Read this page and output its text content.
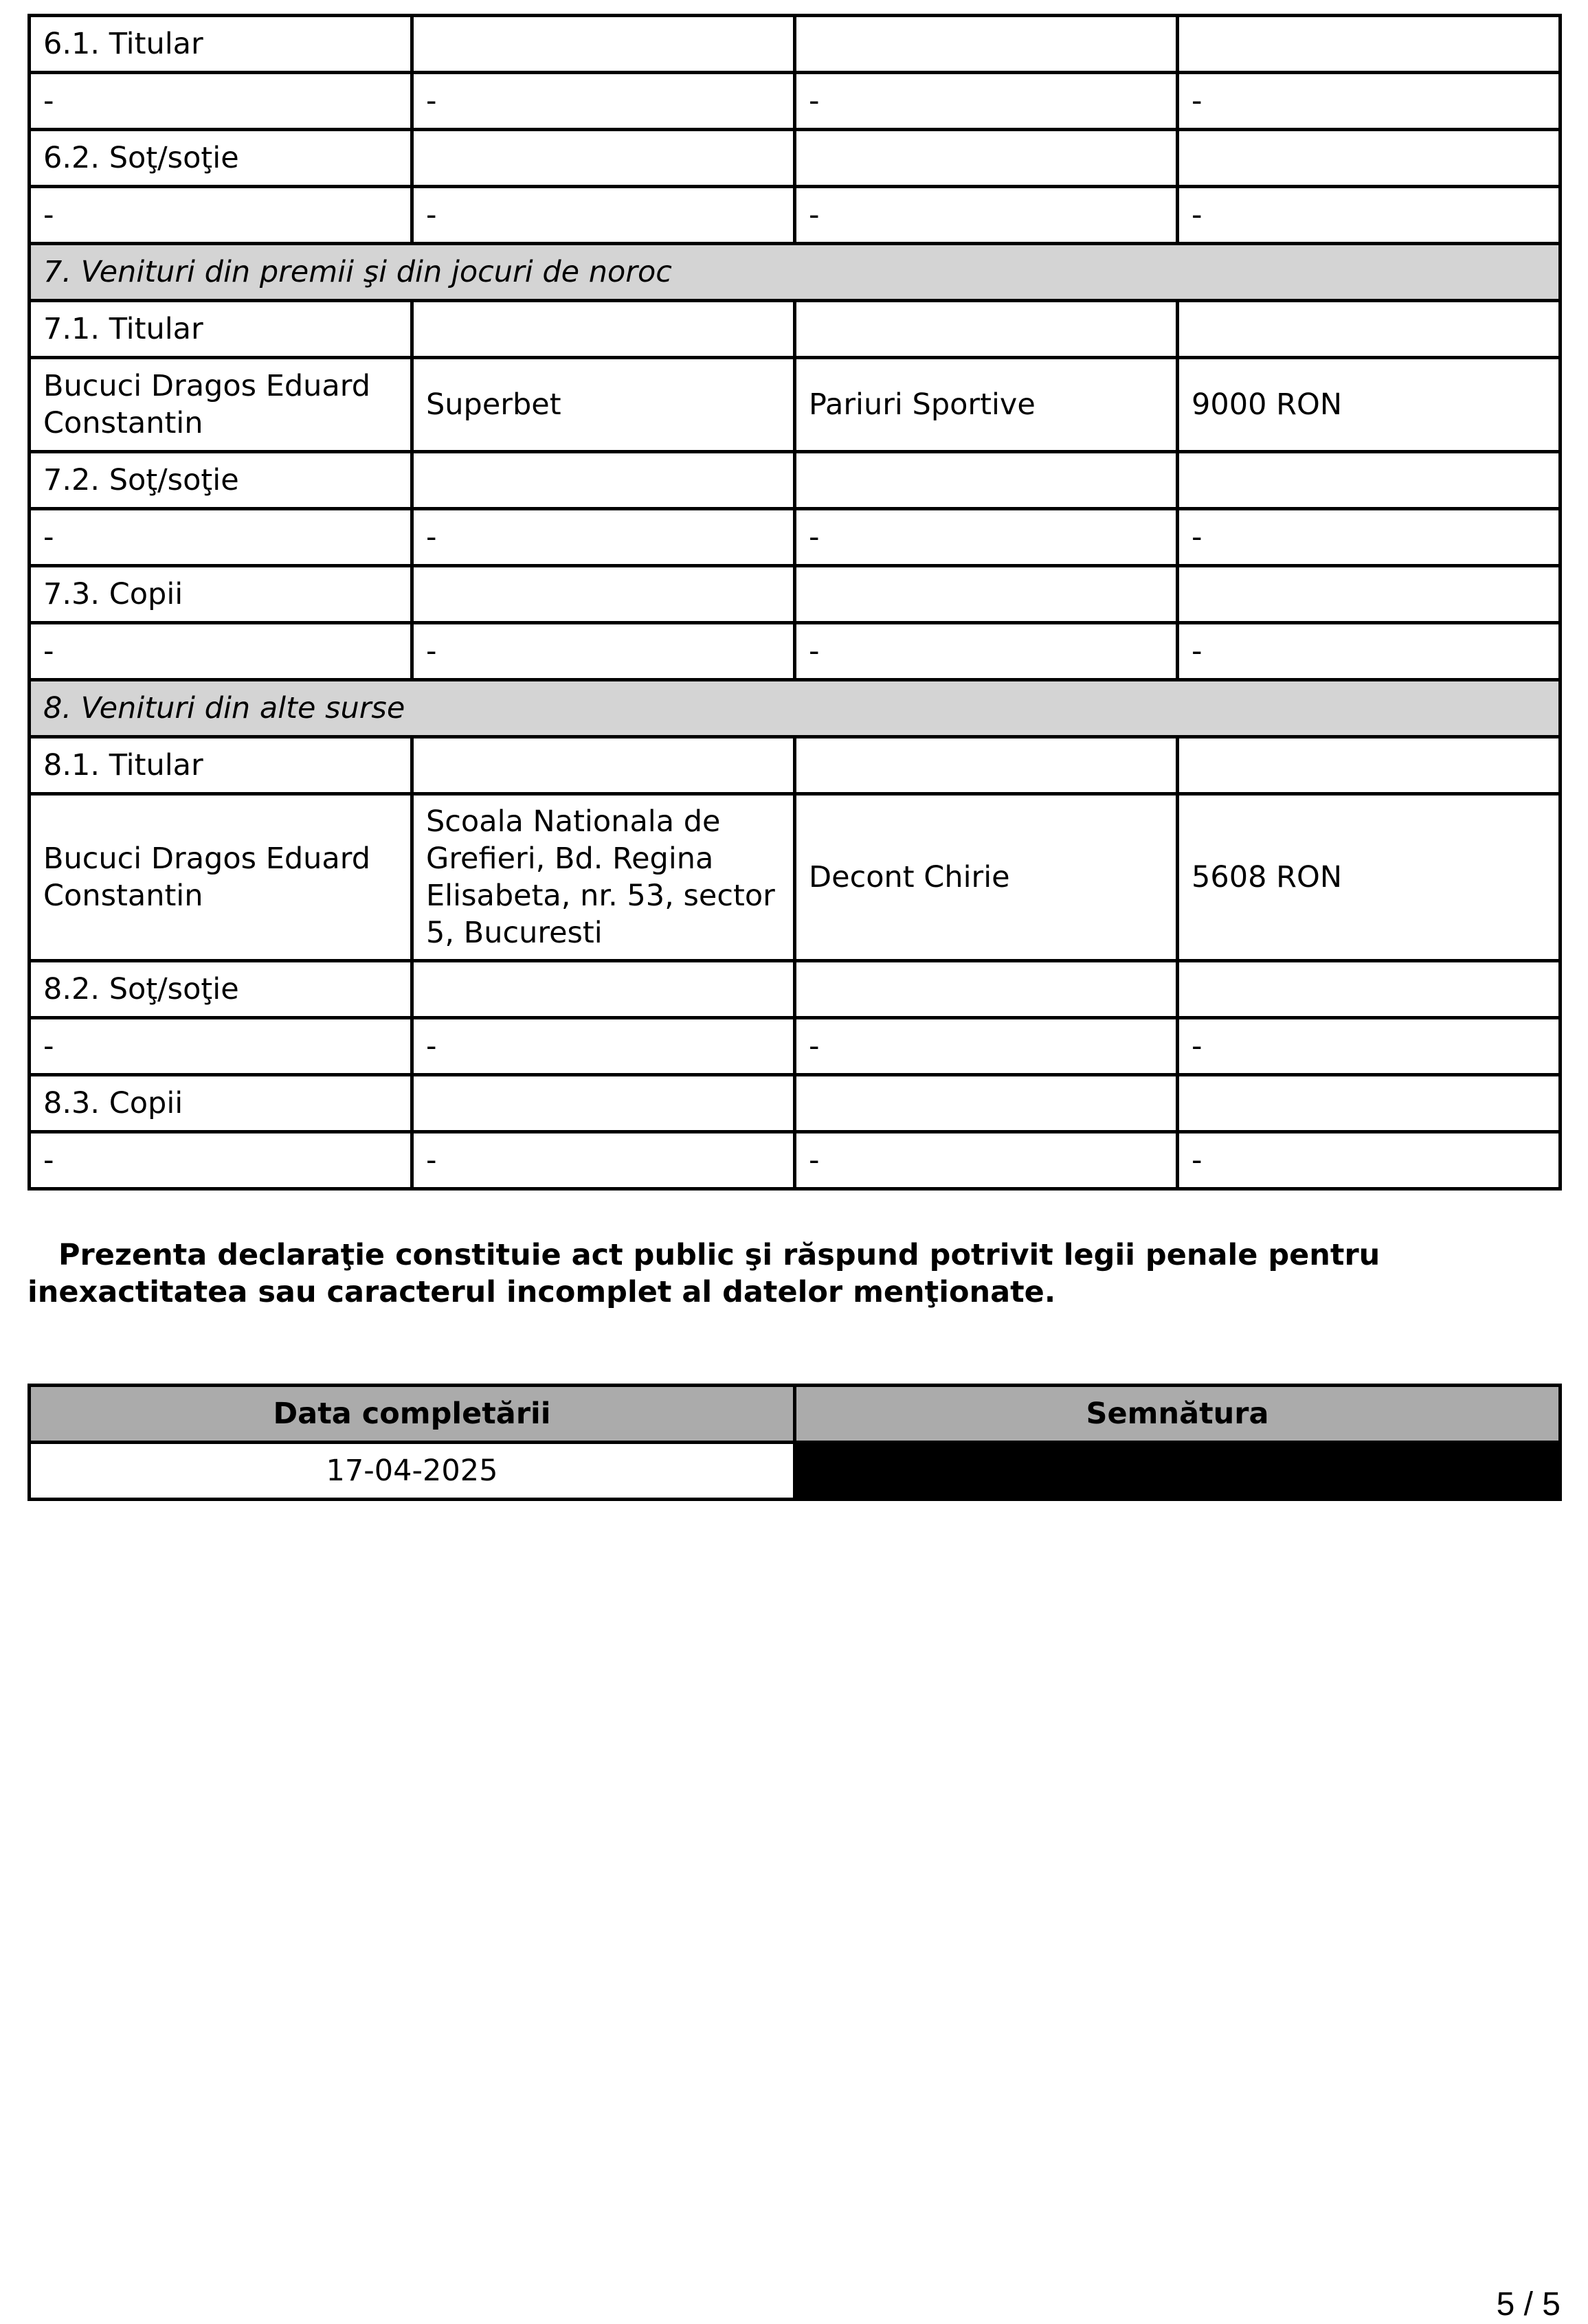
6.1. Titular			
-	-	-	-
6.2. Soţ/soţie			
-	-	-	-
7. Venituri din premii şi din jocuri de noroc			
7.1. Titular			
Bucuci Dragos Eduard Constantin	Superbet	Pariuri Sportive	9000 RON
7.2. Soţ/soţie			
-	-	-	-
7.3. Copii			
-	-	-	-
8. Venituri din alte surse			
8.1. Titular			
Bucuci Dragos Eduard Constantin	Scoala Nationala de Grefieri, Bd. Regina Elisabeta, nr. 53, sector 5, Bucuresti	Decont Chirie	5608 RON
8.2. Soţ/soţie			
-	-	-	-
8.3. Copii			
-	-	-	-

Prezenta declaraţie constituie act public şi răspund potrivit legii penale pentru inexactitatea sau caracterul incomplet al datelor menţionate.

Data completării	Semnătura
17-04-2025	
5 / 5
